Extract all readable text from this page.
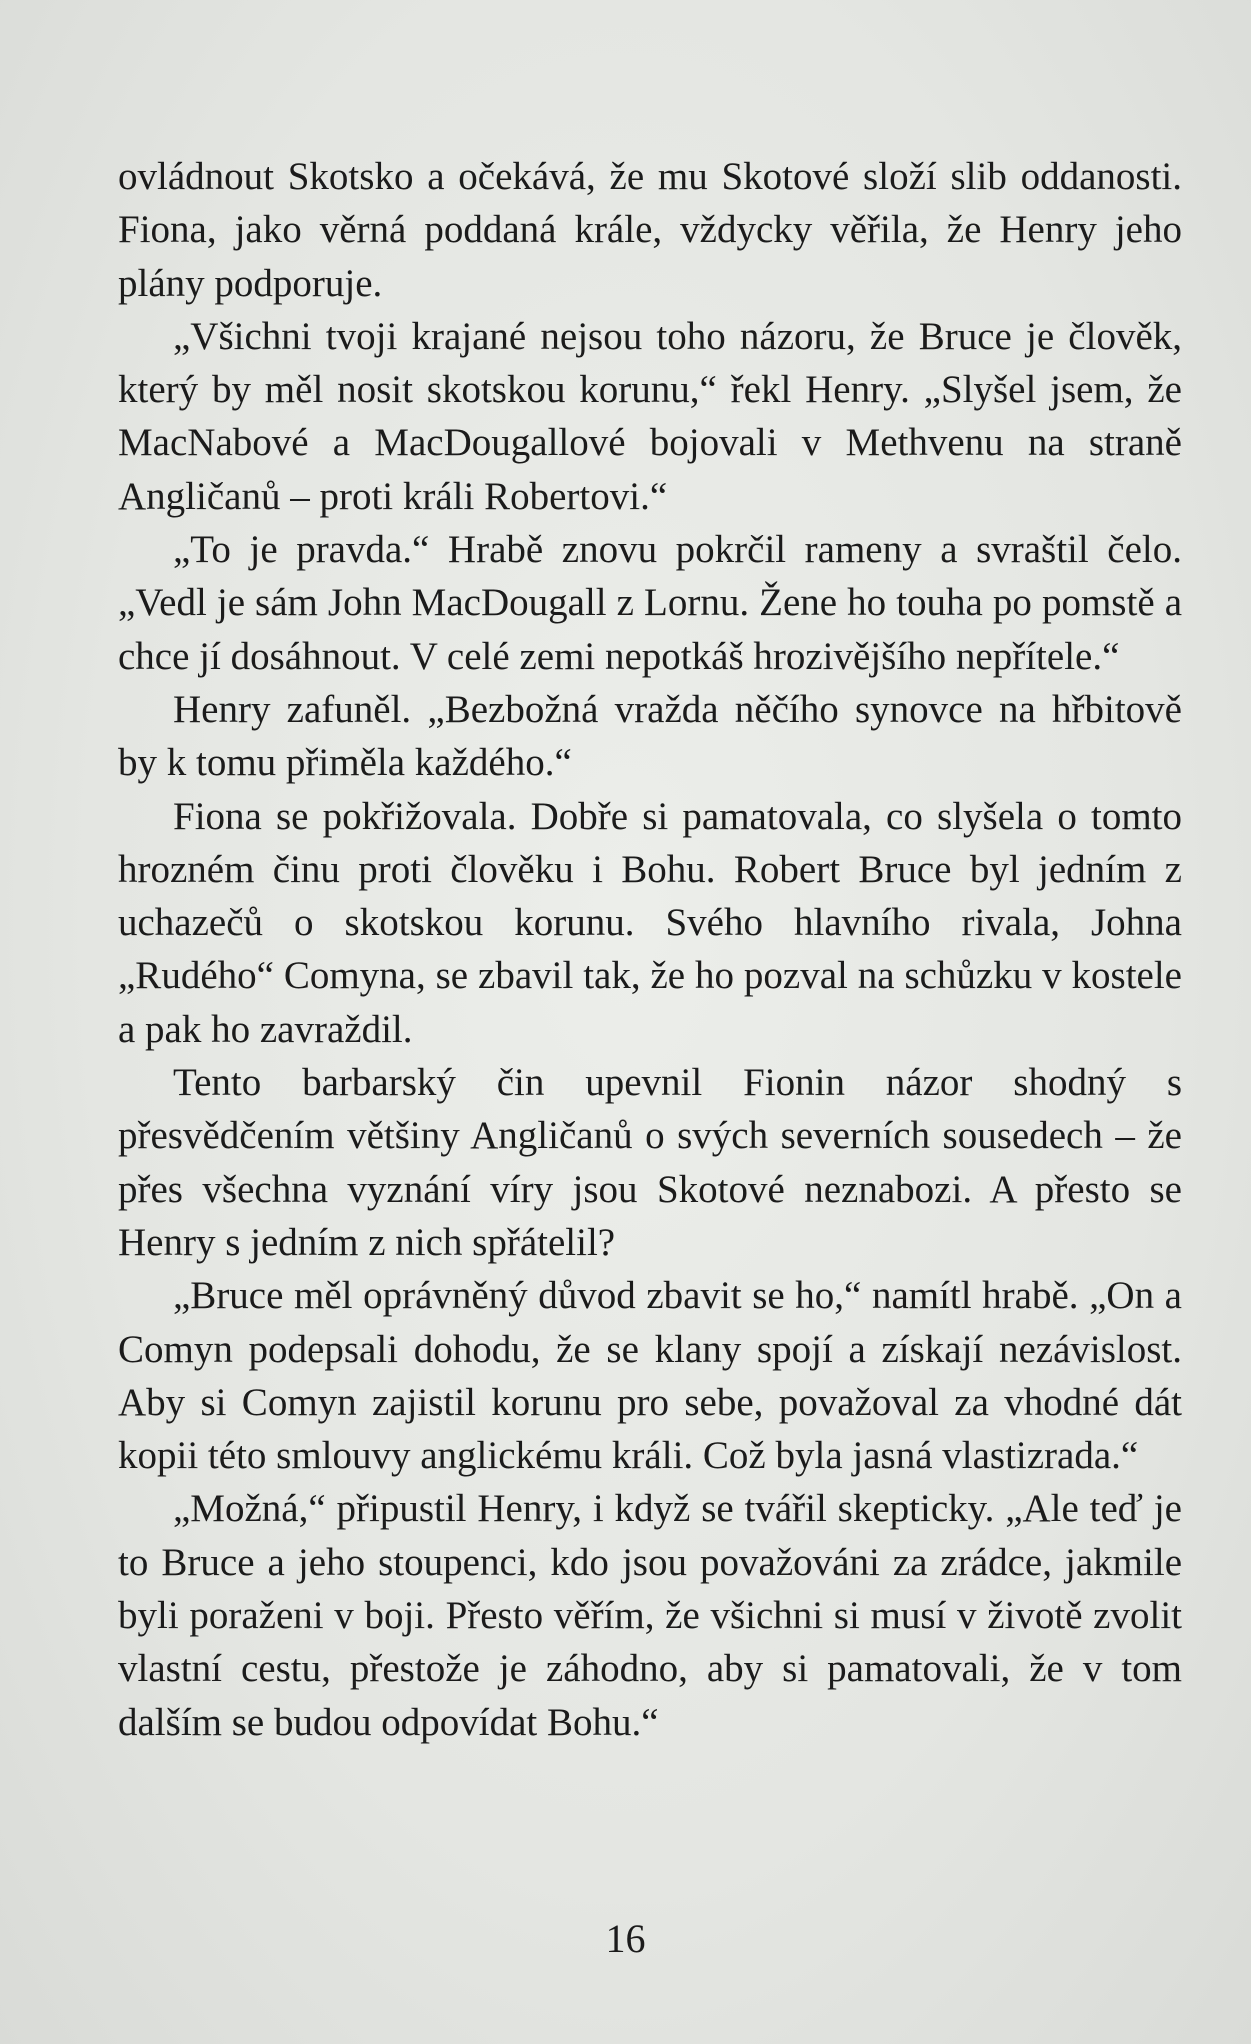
ovládnout Skotsko a očekává, že mu Skotové složí slib oddanosti. Fiona, jako věrná poddaná krále, vždycky věřila, že Henry jeho plány podporuje.

„Všichni tvoji krajané nejsou toho názoru, že Bruce je člověk, který by měl nosit skotskou korunu,“ řekl Henry. „Slyšel jsem, že MacNabové a MacDougallové bojovali v Methvenu na straně Angličanů – proti králi Robertovi.“

„To je pravda.“ Hrabě znovu pokrčil rameny a svraštil čelo. „Vedl je sám John MacDougall z Lornu. Žene ho touha po pomstě a chce jí dosáhnout. V celé zemi nepotkáš hrozivějšího nepřítele.“

Henry zafuněl. „Bezbožná vražda něčího synovce na hřbitově by k tomu přiměla každého.“

Fiona se pokřižovala. Dobře si pamatovala, co slyšela o tomto hrozném činu proti člověku i Bohu. Robert Bruce byl jedním z uchazečů o skotskou korunu. Svého hlavního rivala, Johna „Rudého“ Comyna, se zbavil tak, že ho pozval na schůzku v kostele a pak ho zavraždil.

Tento barbarský čin upevnil Fionin názor shodný s přesvědčením většiny Angličanů o svých severních sousedech – že přes všechna vyznání víry jsou Skotové neznabozi. A přesto se Henry s jedním z nich spřátelil?

„Bruce měl oprávněný důvod zbavit se ho,“ namítl hrabě. „On a Comyn podepsali dohodu, že se klany spojí a získají nezávislost. Aby si Comyn zajistil korunu pro sebe, považoval za vhodné dát kopii této smlouvy anglickému králi. Což byla jasná vlastizrada.“

„Možná,“ připustil Henry, i když se tvářil skepticky. „Ale teď je to Bruce a jeho stoupenci, kdo jsou považováni za zrádce, jakmile byli poraženi v boji. Přesto věřím, že všichni si musí v životě zvolit vlastní cestu, přestože je záhodno, aby si pamatovali, že v tom dalším se budou odpovídat Bohu.“

16
